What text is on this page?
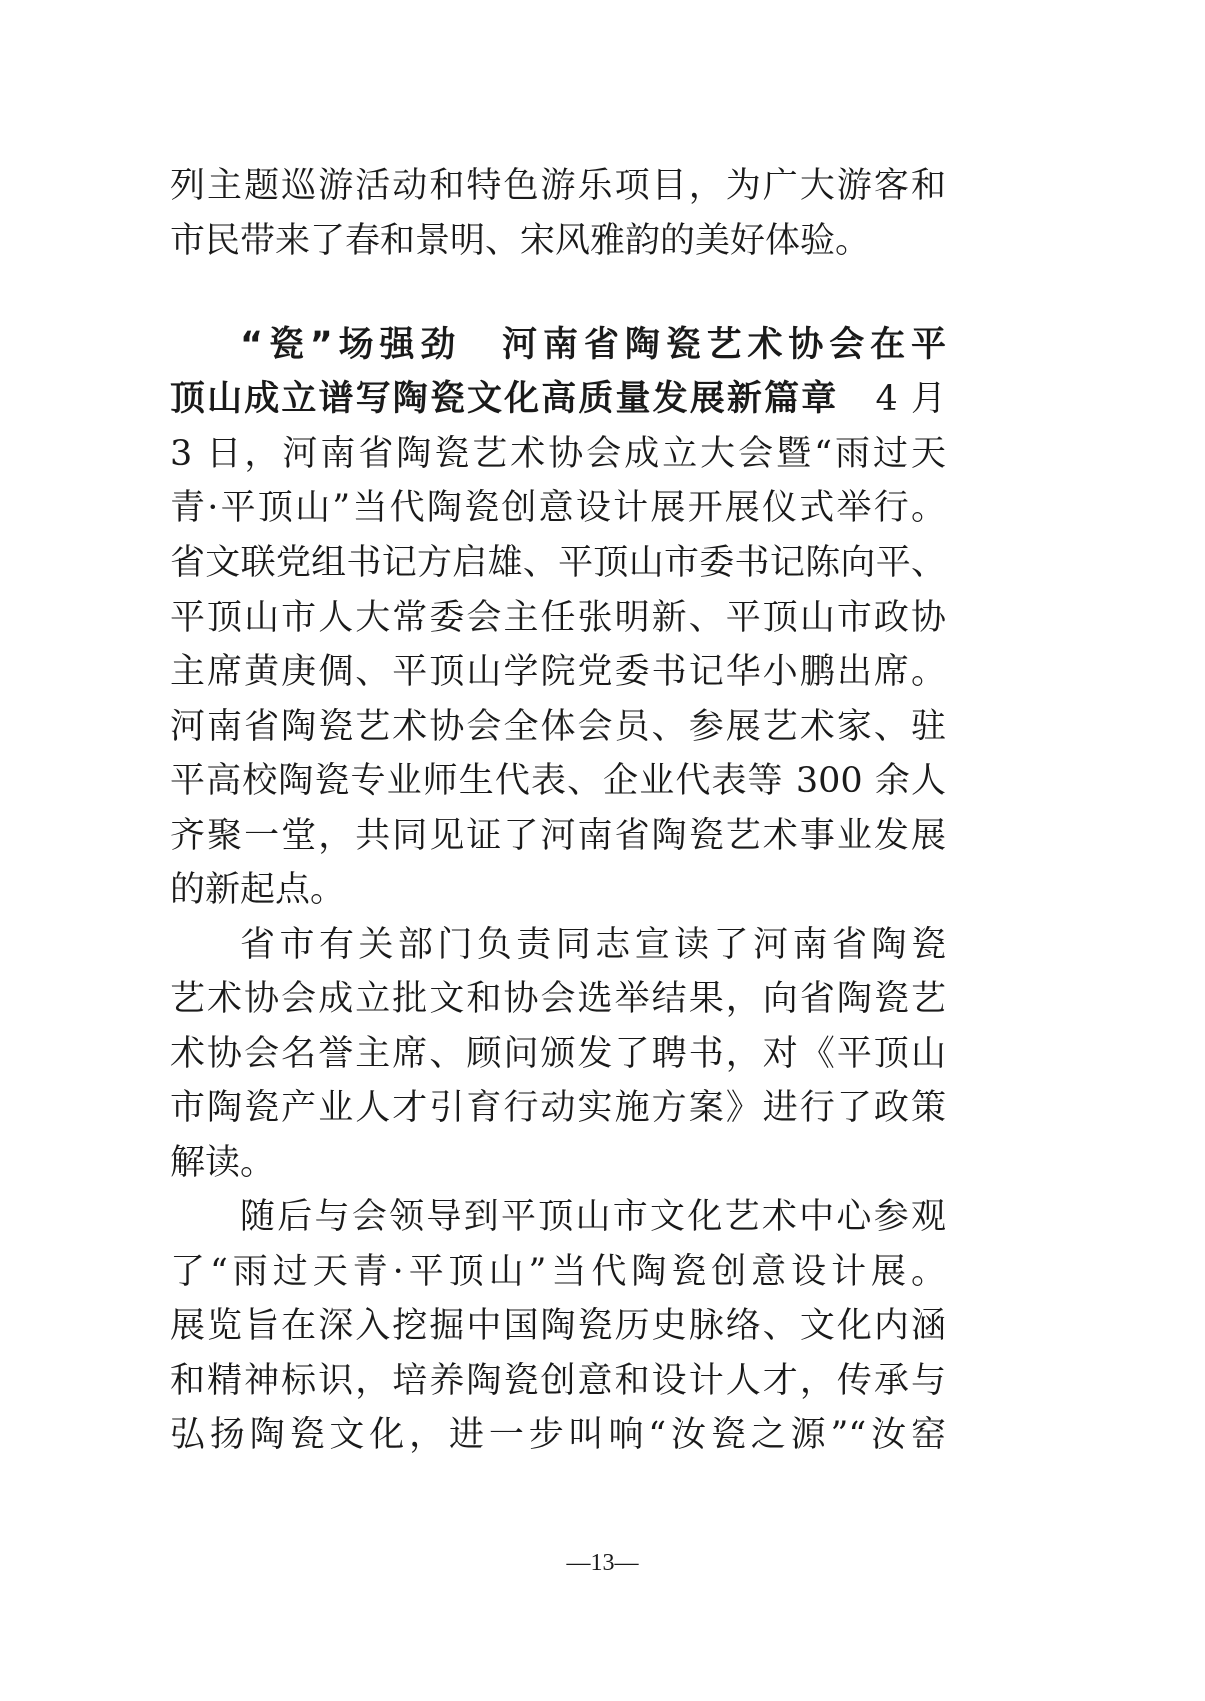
列主题巡游活动和特色游乐项目，为广大游客和
市民带来了春和景明、宋风雅韵的美好体验。
“瓷”场强劲　河南省陶瓷艺术协会在平
顶山成立谱写陶瓷文化高质量发展新篇章　4 月
3 日，河南省陶瓷艺术协会成立大会暨“雨过天
青·平顶山”当代陶瓷创意设计展开展仪式举行。
省文联党组书记方启雄、平顶山市委书记陈向平、
平顶山市人大常委会主任张明新、平顶山市政协
主席黄庚倜、平顶山学院党委书记华小鹏出席。
河南省陶瓷艺术协会全体会员、参展艺术家、驻
平高校陶瓷专业师生代表、企业代表等 300 余人
齐聚一堂，共同见证了河南省陶瓷艺术事业发展
的新起点。
省市有关部门负责同志宣读了河南省陶瓷
艺术协会成立批文和协会选举结果，向省陶瓷艺
术协会名誉主席、顾问颁发了聘书，对《平顶山
市陶瓷产业人才引育行动实施方案》进行了政策
解读。
随后与会领导到平顶山市文化艺术中心参观
了“雨过天青·平顶山”当代陶瓷创意设计展。
展览旨在深入挖掘中国陶瓷历史脉络、文化内涵
和精神标识，培养陶瓷创意和设计人才，传承与
弘扬陶瓷文化，进一步叫响“汝瓷之源”“汝窑
—13—
